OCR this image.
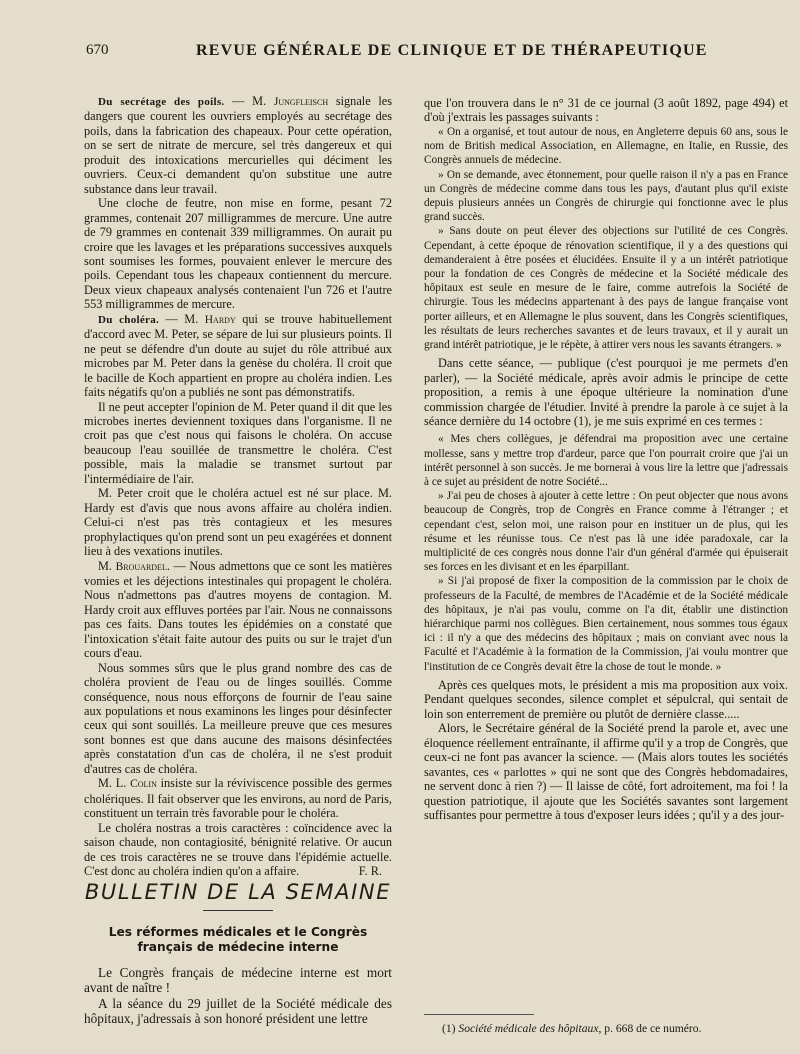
670	REVUE GÉNÉRALE DE CLINIQUE ET DE THÉRAPEUTIQUE

Du secrétage des poils. — M. Jungfleisch signale les dangers que courent les ouvriers employés au secrétage des poils, dans la fabrication des chapeaux. Pour cette opération, on se sert de nitrate de mercure, sel très dangereux et qui produit des intoxications mercurielles qui déciment les ouvriers. Ceux-ci demandent qu'on substitue une autre substance dans leur travail.

Une cloche de feutre, non mise en forme, pesant 72 grammes, contenait 207 milligrammes de mercure. Une autre de 79 grammes en contenait 339 milligrammes. On aurait pu croire que les lavages et les préparations successives auxquels sont soumises les formes, pouvaient enlever le mercure des poils. Cependant tous les chapeaux contiennent du mercure. Deux vieux chapeaux analysés contenaient l'un 726 et l'autre 553 milligrammes de mercure.

Du choléra. — M. Hardy qui se trouve habituellement d'accord avec M. Peter, se sépare de lui sur plusieurs points. Il ne peut se défendre d'un doute au sujet du rôle attribué aux microbes par M. Peter dans la genèse du choléra. Il croit que le bacille de Koch appartient en propre au choléra indien. Les faits négatifs qu'on a publiés ne sont pas démonstratifs.

Il ne peut accepter l'opinion de M. Peter quand il dit que les microbes inertes deviennent toxiques dans l'organisme. Il ne croit pas que c'est nous qui faisons le choléra. On accuse beaucoup l'eau souillée de transmettre le choléra. C'est possible, mais la maladie se transmet surtout par l'intermédiaire de l'air.

M. Peter croit que le choléra actuel est né sur place. M. Hardy est d'avis que nous avons affaire au choléra indien. Celui-ci n'est pas très contagieux et les mesures prophylactiques qu'on prend sont un peu exagérées et donnent lieu à des vexations inutiles.

M. Brouardel. — Nous admettons que ce sont les matières vomies et les déjections intestinales qui propagent le choléra. Nous n'admettons pas d'autres moyens de contagion. M. Hardy croit aux effluves portées par l'air. Nous ne connaissons pas ces faits. Dans toutes les épidémies on a constaté que l'intoxication s'était faite autour des puits ou sur le trajet d'un cours d'eau.

Nous sommes sûrs que le plus grand nombre des cas de choléra provient de l'eau ou de linges souillés. Comme conséquence, nous nous efforçons de fournir de l'eau saine aux populations et nous examinons les linges pour désinfecter ceux qui sont souillés. La meilleure preuve que ces mesures sont bonnes est que dans aucune des maisons désinfectées après constatation d'un cas de choléra, il ne s'est produit d'autres cas de choléra.

M. L. Colin insiste sur la réviviscence possible des germes cholériques. Il fait observer que les environs, au nord de Paris, constituent un terrain très favorable pour le choléra.

Le choléra nostras a trois caractères : coïncidence avec la saison chaude, non contagiosité, bénignité relative. Or aucun de ces trois caractères ne se trouve dans l'épidémie actuelle. C'est donc au choléra indien qu'on a affaire.	F. R.

BULLETIN DE LA SEMAINE
Les réformes médicales et le Congrès français de médecine interne

Le Congrès français de médecine interne est mort avant de naître !

A la séance du 29 juillet de la Société médicale des hôpitaux, j'adressais à son honoré président une lettre

que l'on trouvera dans le n° 31 de ce journal (3 août 1892, page 494) et d'où j'extrais les passages suivants :

« On a organisé, et tout autour de nous, en Angleterre depuis 60 ans, sous le nom de British medical Association, en Allemagne, en Italie, en Russie, des Congrès annuels de médecine.

» On se demande, avec étonnement, pour quelle raison il n'y a pas en France un Congrès de médecine comme dans tous les pays, d'autant plus qu'il existe depuis plusieurs années un Congrès de chirurgie qui fonctionne avec le plus grand succès.

» Sans doute on peut élever des objections sur l'utilité de ces Congrès. Cependant, à cette époque de rénovation scientifique, il y a des questions qui demanderaient à être posées et élucidées. Ensuite il y a un intérêt patriotique pour la fondation de ces Congrès de médecine et la Société médicale des hôpitaux est seule en mesure de le faire, comme autrefois la Société de chirurgie. Tous les médecins appartenant à des pays de langue française vont porter ailleurs, et en Allemagne le plus souvent, dans les Congrès scientifiques, les résultats de leurs recherches savantes et de leurs travaux, et il y aurait un grand intérêt patriotique, je le répète, à attirer vers nous les savants étrangers. »

Dans cette séance, — publique (c'est pourquoi je me permets d'en parler), — la Société médicale, après avoir admis le principe de cette proposition, a remis à une époque ultérieure la nomination d'une commission chargée de l'étudier. Invité à prendre la parole à ce sujet à la séance dernière du 14 octobre (1), je me suis exprimé en ces termes :

« Mes chers collègues, je défendrai ma proposition avec une certaine mollesse, sans y mettre trop d'ardeur, parce que l'on pourrait croire que j'ai un intérêt personnel à son succès. Je me bornerai à vous lire la lettre que j'adressais à ce sujet au président de notre Société...

» J'ai peu de choses à ajouter à cette lettre : On peut objecter que nous avons beaucoup de Congrès, trop de Congrès en France comme à l'étranger ; et cependant c'est, selon moi, une raison pour en instituer un de plus, qui les résume et les réunisse tous. Ce n'est pas là une idée paradoxale, car la multiplicité de ces congrès nous donne l'air d'un général d'armée qui épuiserait ses forces en les divisant et en les éparpillant.

» Si j'ai proposé de fixer la composition de la commission par le choix de professeurs de la Faculté, de membres de l'Académie et de la Société médicale des hôpitaux, je n'ai pas voulu, comme on l'a dit, établir une distinction hiérarchique parmi nos collègues. Bien certainement, nous sommes tous égaux ici : il n'y a que des médecins des hôpitaux ; mais on conviant avec nous la Faculté et l'Académie à la formation de la Commission, j'ai voulu montrer que l'institution de ce Congrès devait être la chose de tout le monde. »

Après ces quelques mots, le président a mis ma proposition aux voix. Pendant quelques secondes, silence complet et sépulcral, qui sentait de loin son enterrement de première ou plutôt de dernière classe.....

Alors, le Secrétaire général de la Société prend la parole et, avec une éloquence réellement entraînante, il affirme qu'il y a trop de Congrès, que ceux-ci ne font pas avancer la science. — (Mais alors toutes les sociétés savantes, ces « parlottes » qui ne sont que des Congrès hebdomadaires, ne servent donc à rien ?) — Il laisse de côté, fort adroitement, ma foi ! la question patriotique, il ajoute que les Sociétés savantes sont largement suffisantes pour permettre à tous d'exposer leurs idées ; qu'il y a des jour-

(1) Société médicale des hôpitaux, p. 668 de ce numéro.
